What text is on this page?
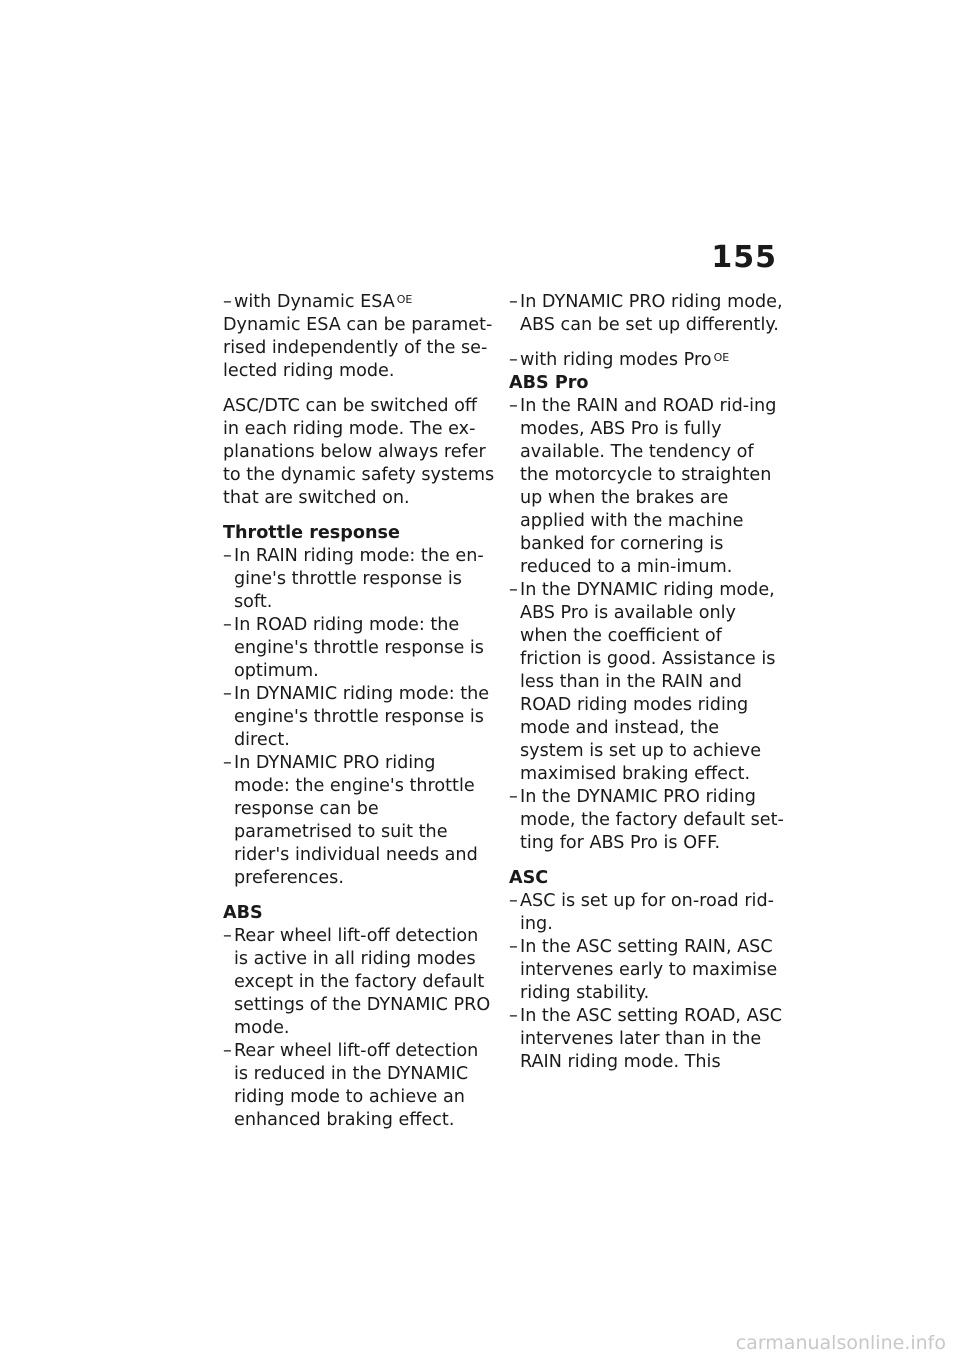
155
– with Dynamic ESA $^{OE}$

Dynamic ESA can be paramet-rised independently of the se-lected riding mode.

ASC/DTC can be switched off in each riding mode. The ex-planations below always refer to the dynamic safety systems that are switched on.

Throttle response
– In RAIN riding mode: the en-gine's throttle response is soft.
– In ROAD riding mode: the engine's throttle response is optimum.
– In DYNAMIC riding mode: the engine's throttle response is direct.
– In DYNAMIC PRO riding mode: the engine's throttle response can be parametrised to suit the rider's individual needs and preferences.
ABS
– Rear wheel lift-off detection is active in all riding modes except in the factory default settings of the DYNAMIC PRO mode.
– Rear wheel lift-off detection is reduced in the DYNAMIC riding mode to achieve an enhanced braking effect.
– In DYNAMIC PRO riding mode, ABS can be set up differently.
– with riding modes Pro $^{OE}$
ABS Pro
– In the RAIN and ROAD rid-ing modes, ABS Pro is fully available. The tendency of the motorcycle to straighten up when the brakes are applied with the machine banked for cornering is reduced to a min-imum.
– In the DYNAMIC riding mode, ABS Pro is available only when the coefficient of friction is good. Assistance is less than in the RAIN and ROAD riding modes riding mode and instead, the system is set up to achieve maximised braking effect.
– In the DYNAMIC PRO riding mode, the factory default set-ting for ABS Pro is OFF.
ASC
– ASC is set up for on-road rid-ing.
– In the ASC setting RAIN, ASC intervenes early to maximise riding stability.
– In the ASC setting ROAD, ASC intervenes later than in the RAIN riding mode. This
carmanualsonline.info
